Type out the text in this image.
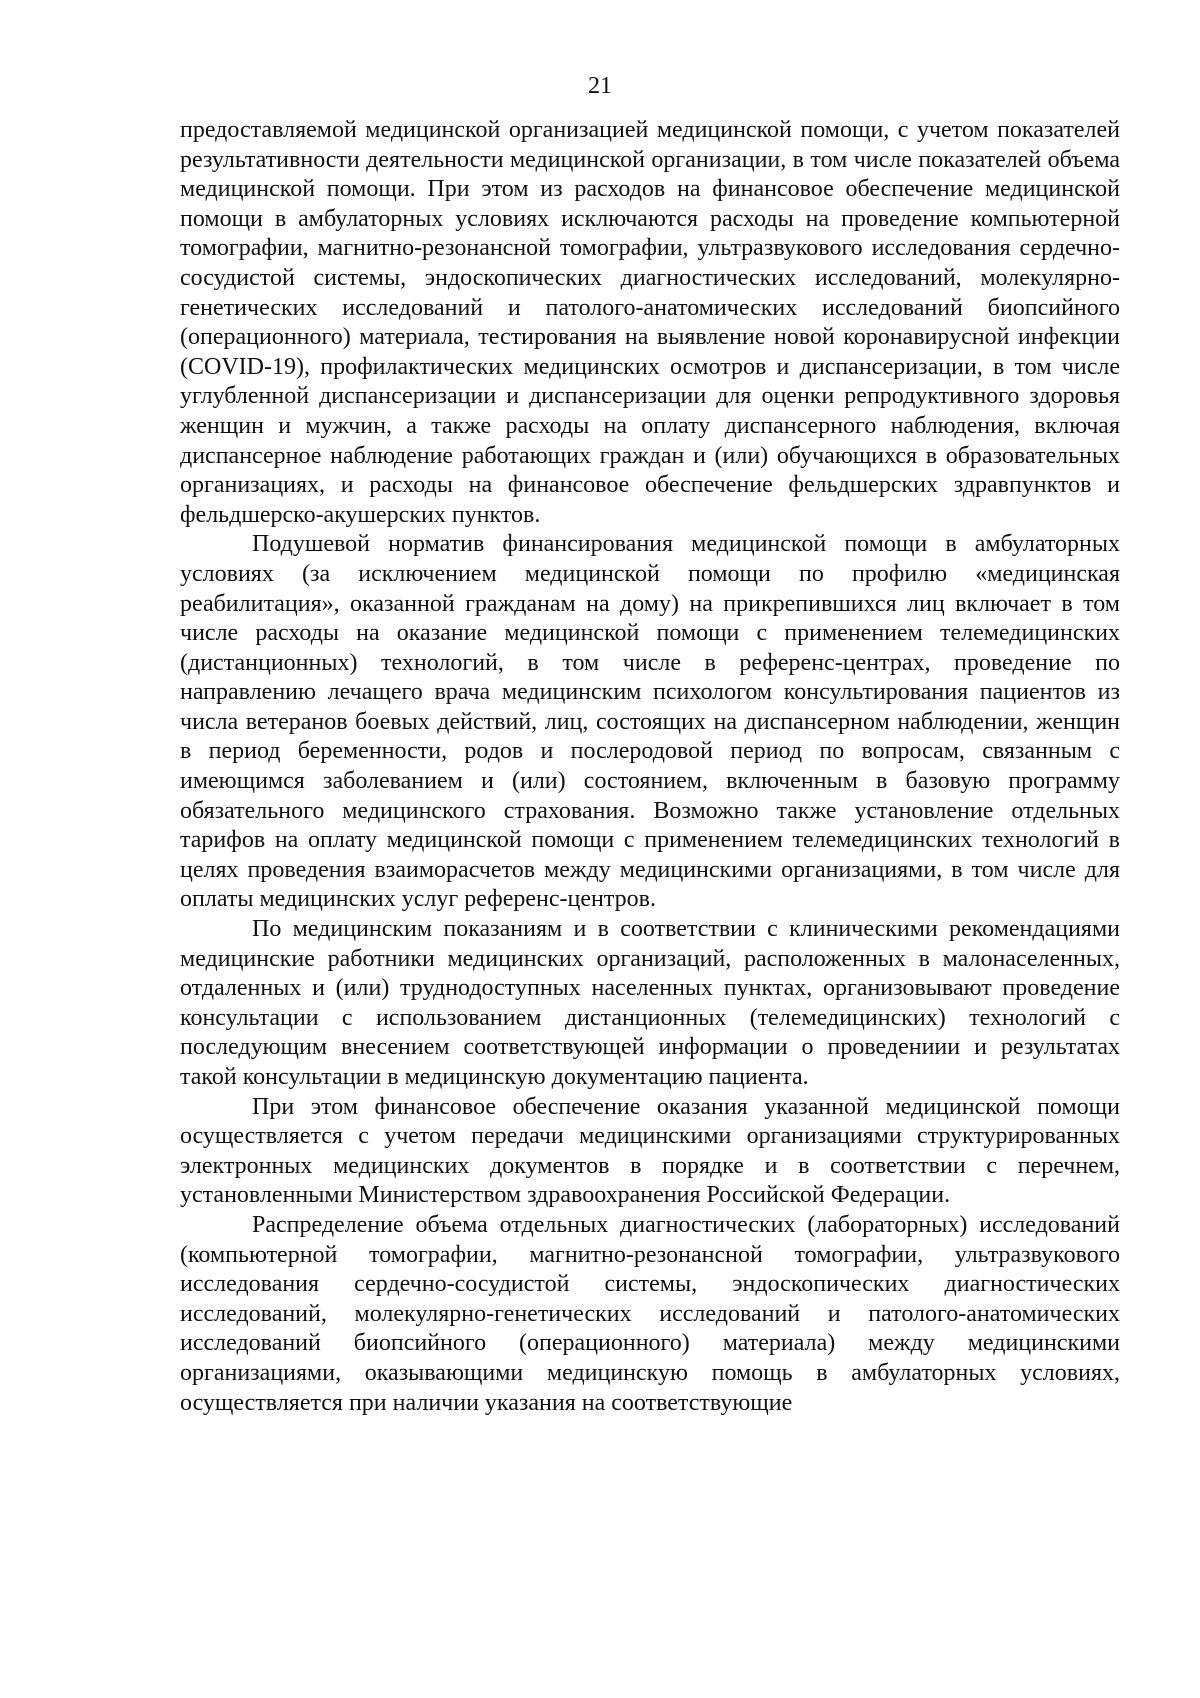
21

предоставляемой медицинской организацией медицинской помощи, с учетом показателей результативности деятельности медицинской организации, в том числе показателей объема медицинской помощи. При этом из расходов на финансовое обеспечение медицинской помощи в амбулаторных условиях исключаются расходы на проведение компьютерной томографии, магнитно-резонансной томографии, ультразвукового исследования сердечно-сосудистой системы, эндоскопических диагностических исследований, молекулярно-генетических исследований и патолого-анатомических исследований биопсийного (операционного) материала, тестирования на выявление новой коронавирусной инфекции (COVID-19), профилактических медицинских осмотров и диспансеризации, в том числе углубленной диспансеризации и диспансеризации для оценки репродуктивного здоровья женщин и мужчин, а также расходы на оплату диспансерного наблюдения, включая диспансерное наблюдение работающих граждан и (или) обучающихся в образовательных организациях, и расходы на финансовое обеспечение фельдшерских здравпунктов и фельдшерско-акушерских пунктов.

Подушевой норматив финансирования медицинской помощи в амбулаторных условиях (за исключением медицинской помощи по профилю «медицинская реабилитация», оказанной гражданам на дому) на прикрепившихся лиц включает в том числе расходы на оказание медицинской помощи с применением телемедицинских (дистанционных) технологий, в том числе в референс-центрах, проведение по направлению лечащего врача медицинским психологом консультирования пациентов из числа ветеранов боевых действий, лиц, состоящих на диспансерном наблюдении, женщин в период беременности, родов и послеродовой период по вопросам, связанным с имеющимся заболеванием и (или) состоянием, включенным в базовую программу обязательного медицинского страхования. Возможно также установление отдельных тарифов на оплату медицинской помощи с применением телемедицинских технологий в целях проведения взаиморасчетов между медицинскими организациями, в том числе для оплаты медицинских услуг референс-центров.

По медицинским показаниям и в соответствии с клиническими рекомендациями медицинские работники медицинских организаций, расположенных в малонаселенных, отдаленных и (или) труднодоступных населенных пунктах, организовывают проведение консультации с использованием дистанционных (телемедицинских) технологий с последующим внесением соответствующей информации о проведениии и результатах такой консультации в медицинскую документацию пациента.

При этом финансовое обеспечение оказания указанной медицинской помощи осуществляется с учетом передачи медицинскими организациями структурированных электронных медицинских документов в порядке и в соответствии с перечнем, установленными Министерством здравоохранения Российской Федерации.

Распределение объема отдельных диагностических (лабораторных) исследований (компьютерной томографии, магнитно-резонансной томографии, ультразвукового исследования сердечно-сосудистой системы, эндоскопических диагностических исследований, молекулярно-генетических исследований и патолого-анатомических исследований биопсийного (операционного) материала) между медицинскими организациями, оказывающими медицинскую помощь в амбулаторных условиях, осуществляется при наличии указания на соответствующие
